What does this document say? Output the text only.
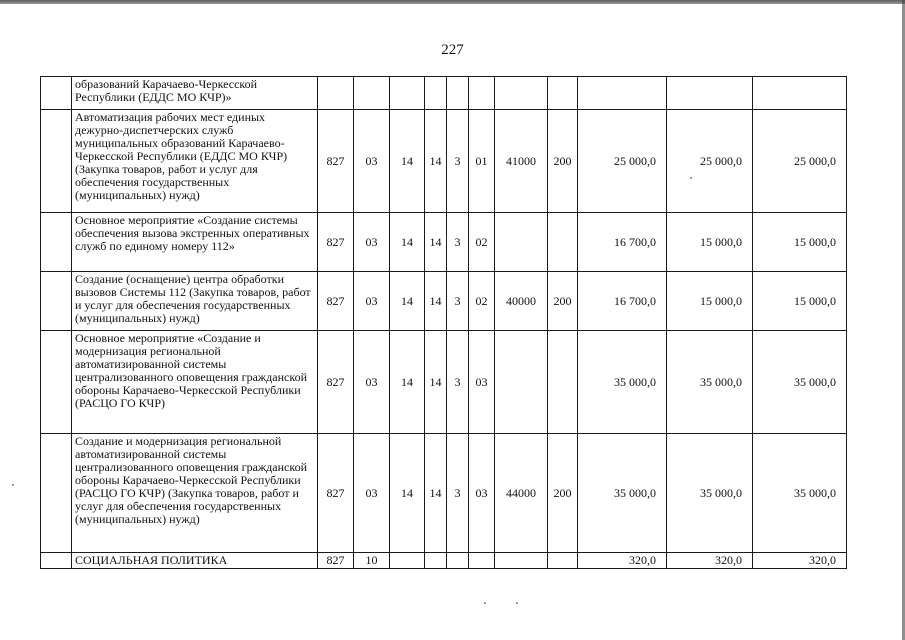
227
	образований Карачаево-Черкесской Республики (ЕДДС МО КЧР)»											
	Автоматизация рабочих мест единых дежурно-диспетчерских служб муниципальных образований Карачаево-Черкесской Республики (ЕДДС МО КЧР) (Закупка товаров, работ и услуг для обеспечения государственных (муниципальных) нужд)	827	03	14	14	3	01	41000	200	25 000,0	25 000,0	25 000,0
	Основное мероприятие «Создание системы обеспечения вызова экстренных оперативных служб по единому номеру 112»	827	03	14	14	3	02			16 700,0	15 000,0	15 000,0
	Создание (оснащение) центра обработки вызовов Системы 112 (Закупка товаров, работ и услуг для обеспечения государственных (муниципальных) нужд)	827	03	14	14	3	02	40000	200	16 700,0	15 000,0	15 000,0
	Основное мероприятие «Создание и модернизация региональной автоматизированной системы централизованного оповещения гражданской обороны Карачаево-Черкесской Республики (РАСЦО ГО КЧР)	827	03	14	14	3	03			35 000,0	35 000,0	35 000,0
	Создание и модернизация региональной автоматизированной системы централизованного оповещения гражданской обороны Карачаево-Черкесской Республики (РАСЦО ГО КЧР) (Закупка товаров, работ и услуг для обеспечения государственных (муниципальных) нужд)	827	03	14	14	3	03	44000	200	35 000,0	35 000,0	35 000,0
	СОЦИАЛЬНАЯ ПОЛИТИКА	827	10							320,0	320,0	320,0
